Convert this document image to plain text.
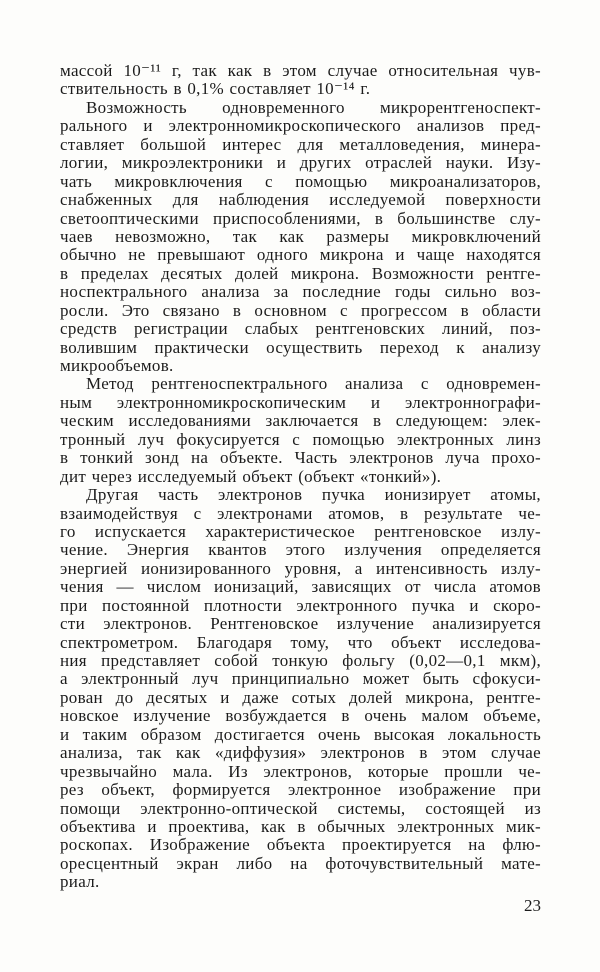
массой 10⁻¹¹ г, так как в этом случае относительная чув-
ствительность в 0,1% составляет 10⁻¹⁴ г.
Возможность одновременного микрорентгеноспект-
рального и электронномикроскопического анализов пред-
ставляет большой интерес для металловедения, минера-
логии, микроэлектроники и других отраслей науки. Изу-
чать микровключения с помощью микроанализаторов,
снабженных для наблюдения исследуемой поверхности
светооптическими приспособлениями, в большинстве слу-
чаев невозможно, так как размеры микровключений
обычно не превышают одного микрона и чаще находятся
в пределах десятых долей микрона. Возможности рентге-
носпектрального анализа за последние годы сильно воз-
росли. Это связано в основном с прогрессом в области
средств регистрации слабых рентгеновских линий, поз-
волившим практически осуществить переход к анализу
микрообъемов.
Метод рентгеноспектрального анализа с одновремен-
ным электронномикроскопическим и электронногрaфи-
ческим исследованиями заключается в следующем: элек-
тронный луч фокусируется с помощью электронных линз
в тонкий зонд на объекте. Часть электронов луча прохо-
дит через исследуемый объект (объект «тонкий»).
Другая часть электронов пучка ионизирует атомы,
взаимодействуя с электронами атомов, в результате че-
го испускается характеристическое рентгеновское излу-
чение. Энергия квантов этого излучения определяется
энергией ионизированного уровня, а интенсивность излу-
чения — числом ионизаций, зависящих от числа атомов
при постоянной плотности электронного пучка и скоро-
сти электронов. Рентгеновское излучение анализируется
спектрометром. Благодаря тому, что объект исследова-
ния представляет собой тонкую фольгу (0,02—0,1 мкм),
а электронный луч принципиально может быть сфокуси-
рован до десятых и даже сотых долей микрона, рентге-
новское излучение возбуждается в очень малом объеме,
и таким образом достигается очень высокая локальность
анализа, так как «диффузия» электронов в этом случае
чрезвычайно мала. Из электронов, которые прошли че-
рез объект, формируется электронное изображение при
помощи электронно-оптической системы, состоящей из
объектива и проектива, как в обычных электронных мик-
роскопах. Изображение объекта проектируется на флю-
оресцентный экран либо на фоточувствительный мате-
риал.
23
